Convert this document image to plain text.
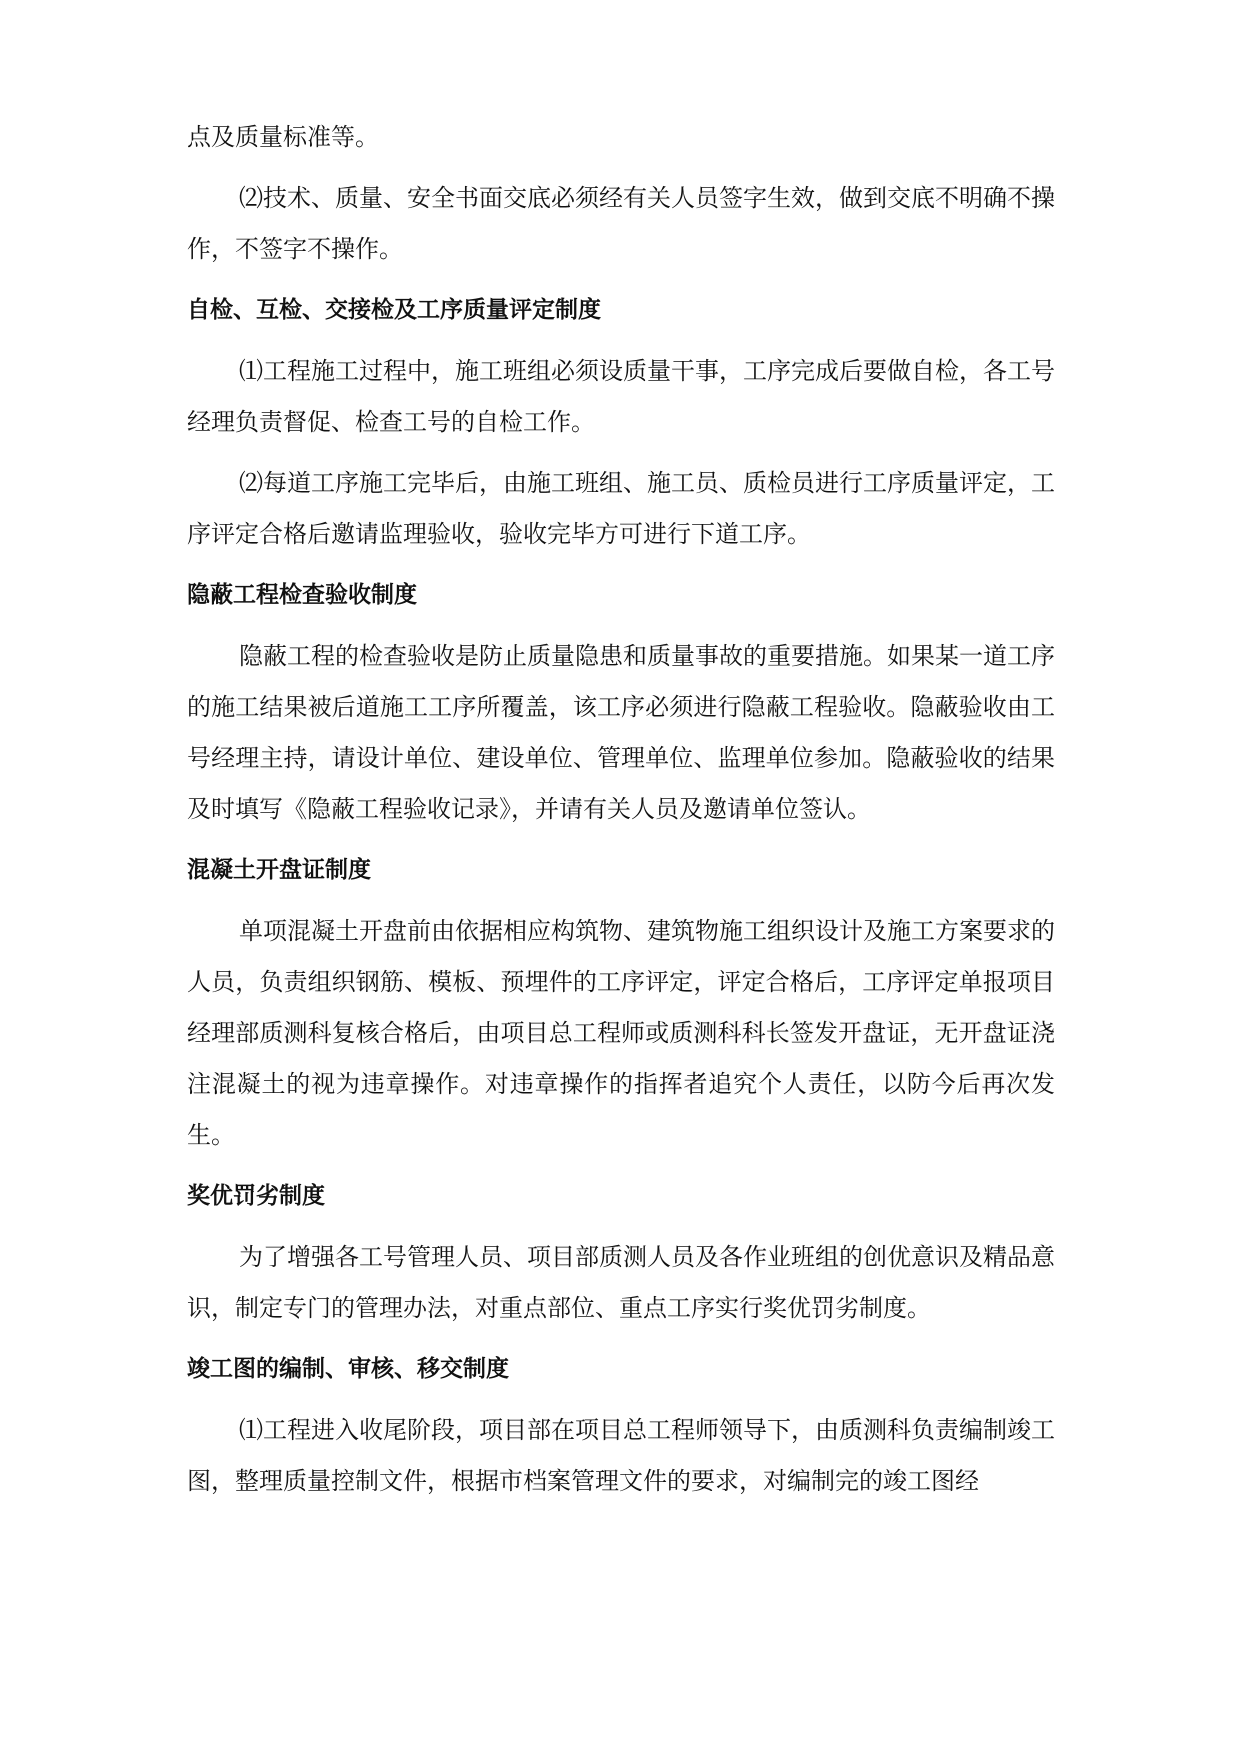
点及质量标准等。

⑵技术、质量、安全书面交底必须经有关人员签字生效，做到交底不明确不操作，不签字不操作。

自检、互检、交接检及工序质量评定制度

⑴工程施工过程中，施工班组必须设质量干事，工序完成后要做自检，各工号经理负责督促、检查工号的自检工作。

⑵每道工序施工完毕后，由施工班组、施工员、质检员进行工序质量评定，工序评定合格后邀请监理验收，验收完毕方可进行下道工序。

隐蔽工程检查验收制度

隐蔽工程的检查验收是防止质量隐患和质量事故的重要措施。如果某一道工序的施工结果被后道施工工序所覆盖，该工序必须进行隐蔽工程验收。隐蔽验收由工号经理主持，请设计单位、建设单位、管理单位、监理单位参加。隐蔽验收的结果及时填写《隐蔽工程验收记录》，并请有关人员及邀请单位签认。

混凝土开盘证制度

单项混凝土开盘前由依据相应构筑物、建筑物施工组织设计及施工方案要求的人员，负责组织钢筋、模板、预埋件的工序评定，评定合格后，工序评定单报项目经理部质测科复核合格后，由项目总工程师或质测科科长签发开盘证，无开盘证浇注混凝土的视为违章操作。对违章操作的指挥者追究个人责任，以防今后再次发生。

奖优罚劣制度

为了增强各工号管理人员、项目部质测人员及各作业班组的创优意识及精品意识，制定专门的管理办法，对重点部位、重点工序实行奖优罚劣制度。

竣工图的编制、审核、移交制度

⑴工程进入收尾阶段，项目部在项目总工程师领导下，由质测科负责编制竣工图，整理质量控制文件，根据市档案管理文件的要求，对编制完的竣工图经
